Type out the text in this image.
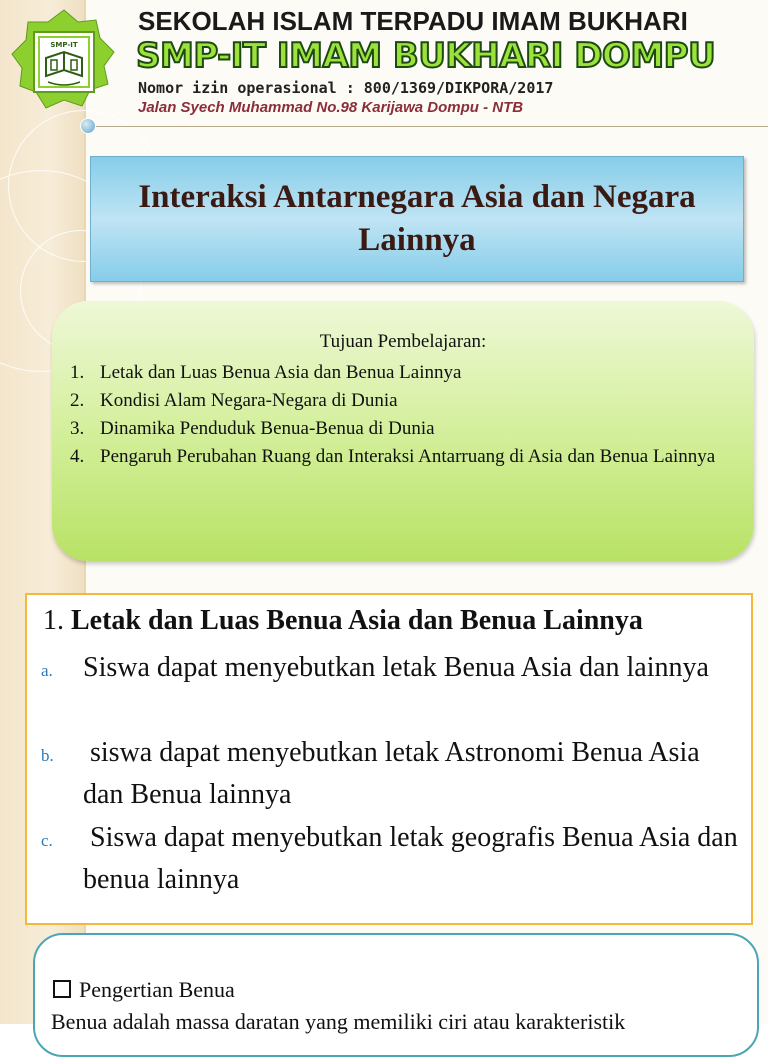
SMP-IT
SEKOLAH ISLAM TERPADU IMAM BUKHARI
SMP-IT IMAM BUKHARI DOMPU
Nomor izin operasional : 800/1369/DIKPORA/2017
Jalan Syech Muhammad No.98 Karijawa Dompu - NTB
Interaksi Antarnegara Asia dan Negara Lainnya
Tujuan Pembelajaran:
1. Letak dan Luas Benua Asia dan Benua Lainnya
2. Kondisi Alam Negara-Negara di Dunia
3. Dinamika Penduduk Benua-Benua di Dunia
4. Pengaruh Perubahan Ruang dan Interaksi Antarruang di Asia dan Benua Lainnya
1. Letak dan Luas Benua Asia dan Benua Lainnya
a. Siswa dapat menyebutkan letak Benua Asia dan lainnya
b. siswa dapat menyebutkan letak Astronomi Benua Asia dan Benua lainnya
c. Siswa dapat menyebutkan letak geografis Benua Asia dan benua lainnya
Pengertian Benua
Benua adalah massa daratan yang memiliki ciri atau karakteristik
